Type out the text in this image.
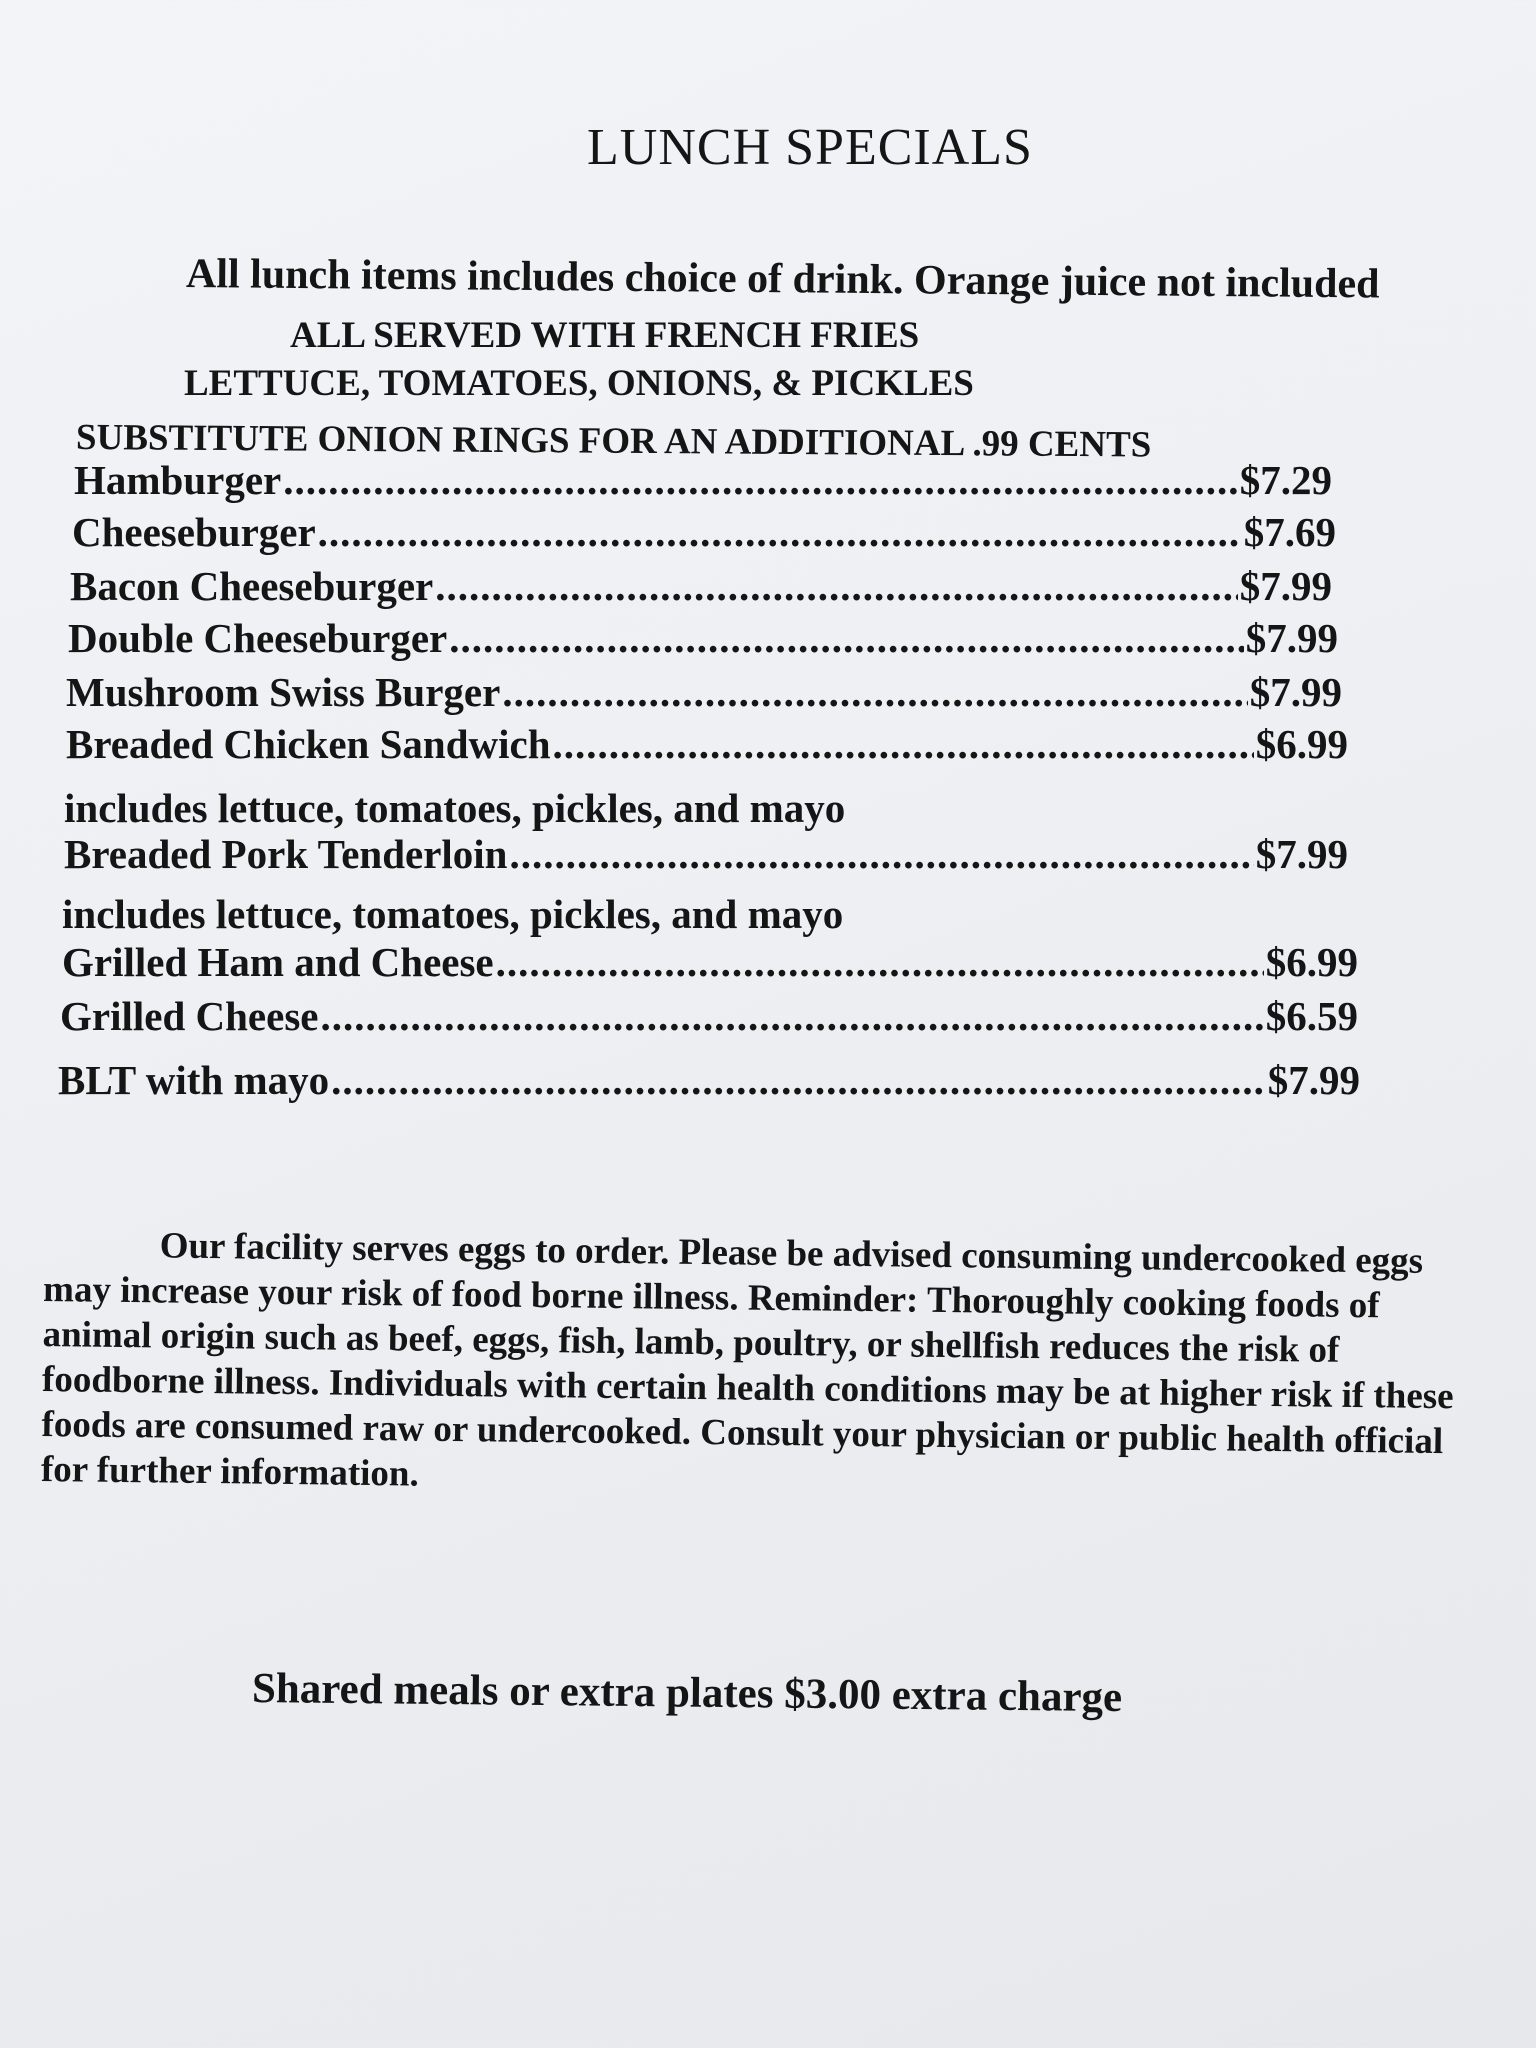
LUNCH SPECIALS
All lunch items includes choice of drink. Orange juice not included
ALL SERVED WITH FRENCH FRIES
LETTUCE, TOMATOES, ONIONS, & PICKLES
SUBSTITUTE ONION RINGS FOR AN ADDITIONAL .99 CENTS
Hamburger .....	$7.29
Cheeseburger .....	$7.69
Bacon Cheeseburger .....	$7.99
Double Cheeseburger .....	$7.99
Mushroom Swiss Burger .....	$7.99
Breaded Chicken Sandwich .....	$6.99
includes lettuce, tomatoes, pickles, and mayo
Breaded Pork Tenderloin .....	$7.99
includes lettuce, tomatoes, pickles, and mayo
Grilled Ham and Cheese .....	$6.99
Grilled Cheese .....	$6.59
BLT with mayo .....	$7.99
Our facility serves eggs to order. Please be advised consuming undercooked eggs may increase your risk of food borne illness. Reminder: Thoroughly cooking foods of animal origin such as beef, eggs, fish, lamb, poultry, or shellfish reduces the risk of foodborne illness. Individuals with certain health conditions may be at higher risk if these foods are consumed raw or undercooked. Consult your physician or public health official for further information.
Shared meals or extra plates $3.00 extra charge
